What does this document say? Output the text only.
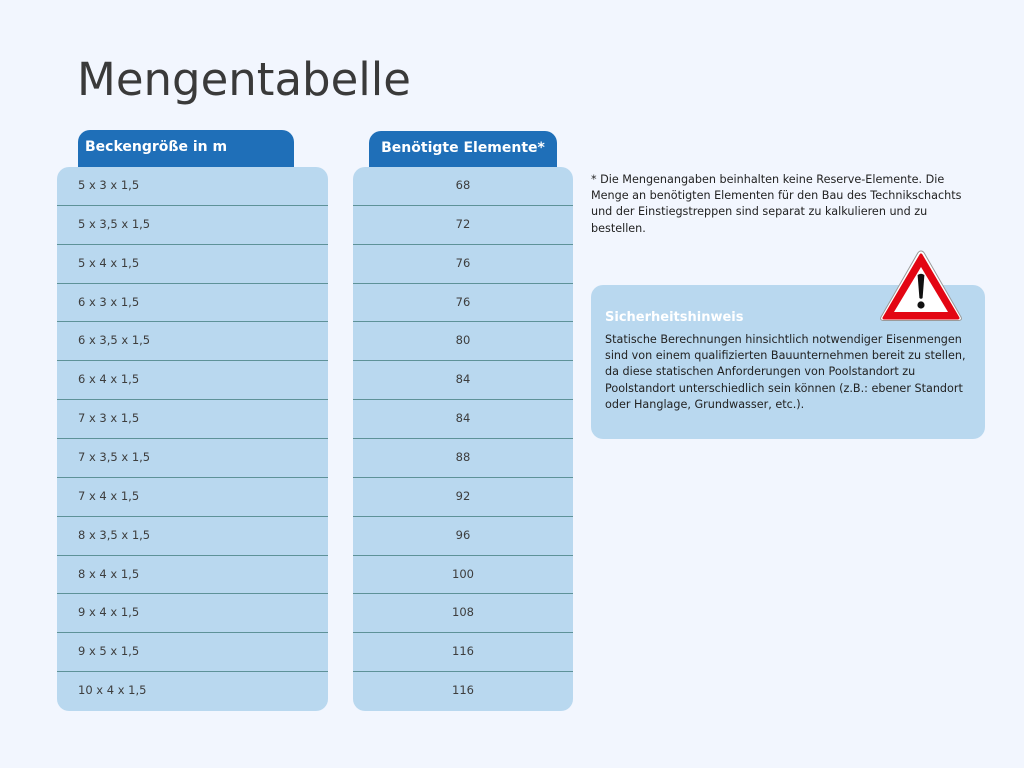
Mengentabelle
Beckengröße in m	Benötigte Elemente*
5 x 3 x 1,5
5 x 3,5 x 1,5
5 x 4 x 1,5
6 x 3 x 1,5
6 x 3,5 x 1,5
6 x 4 x 1,5
7 x 3 x 1,5
7 x 3,5 x 1,5
7 x 4 x 1,5
8 x 3,5 x 1,5
8 x 4 x 1,5
9 x 4 x 1,5
9 x 5 x 1,5
10 x 4 x 1,5
68
72
76
76
80
84
84
88
92
96
100
108
116
116

* Die Mengenangaben beinhalten keine Reserve-Elemente. Die Menge an benötigten Elementen für den Bau des Technikschachts und der Einstiegstreppen sind separat zu kalkulieren und zu bestellen.

Sicherheitshinweis

Statische Berechnungen hinsichtlich notwendiger Eisenmengen sind von einem qualifizierten Bauunternehmen bereit zu stellen, da diese statischen Anforderungen von Poolstandort zu Poolstandort unterschiedlich sein können (z.B.: ebener Standort oder Hanglage, Grundwasser, etc.).
